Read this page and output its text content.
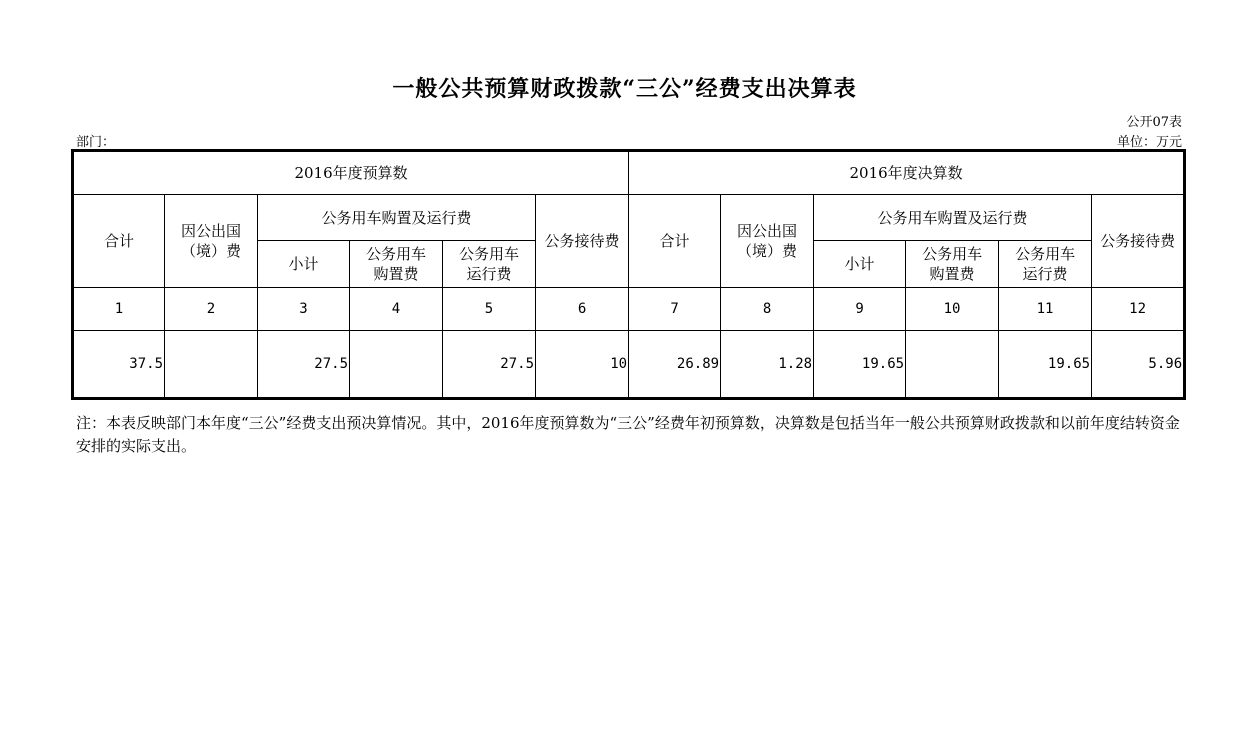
一般公共预算财政拨款“三公”经费支出决算表
公开07表
部门：	单位：万元
2016年度预算数						2016年度决算数					
合计	因公出国（境）费	公务用车购置及运行费			公务接待费	合计	因公出国（境）费	公务用车购置及运行费			公务接待费
		小计	公务用车购置费	公务用车运行费				小计	公务用车购置费	公务用车运行费	
1	2	3	4	5	6	7	8	9	10	11	12
37.5		27.5		27.5	10	26.89	1.28	19.65		19.65	5.96
注：本表反映部门本年度“三公”经费支出预决算情况。其中，2016年度预算数为“三公”经费年初预算数，决算数是包括当年一般公共预算财政拨款和以前年度结转资金安排的实际支出。
